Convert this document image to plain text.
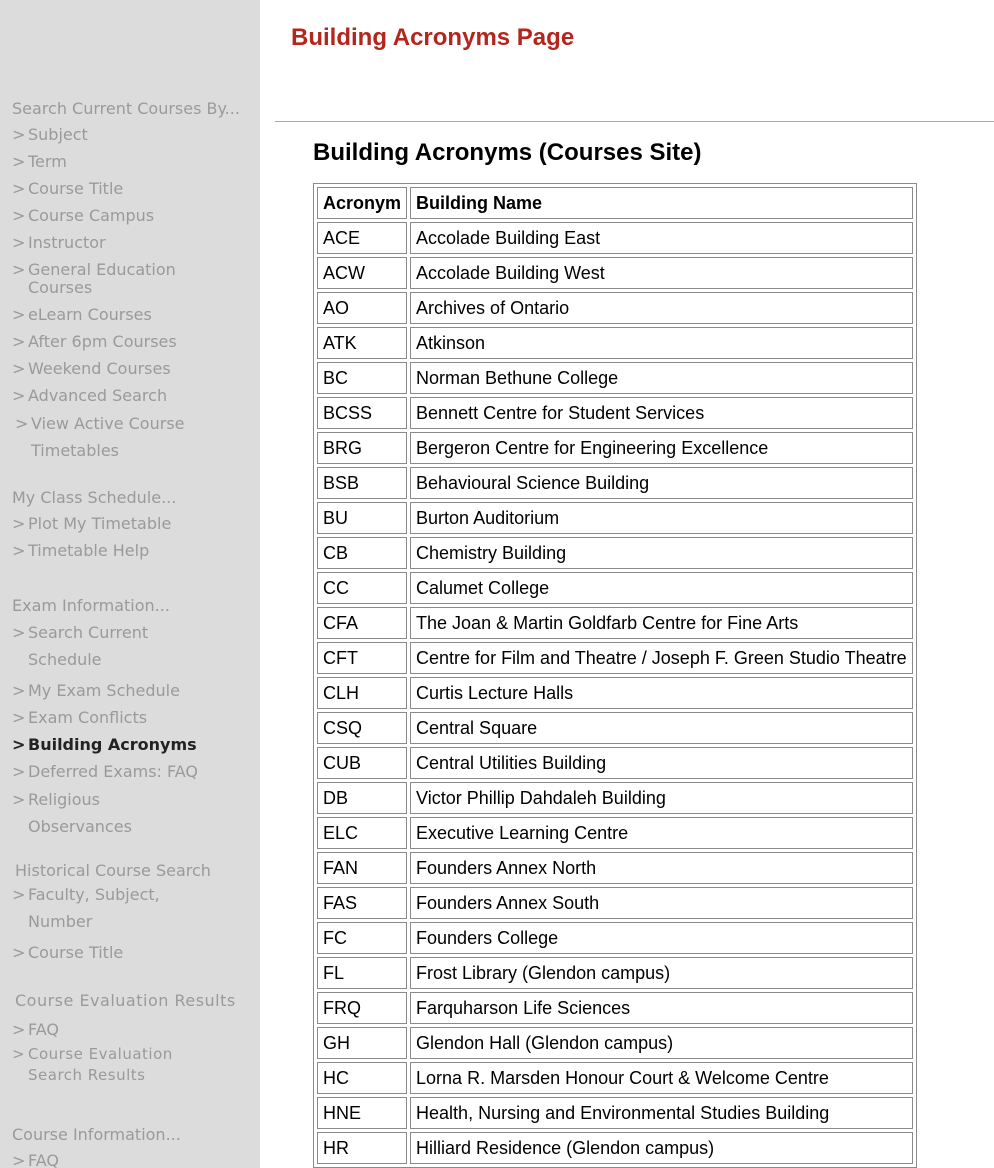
Search Current Courses By...
> Subject
> Term
> Course Title
> Course Campus
> Instructor
> General Education Courses
> eLearn Courses
> After 6pm Courses
> Weekend Courses
> Advanced Search
> View Active Course Timetables
My Class Schedule...
> Plot My Timetable
> Timetable Help
Exam Information...
> Search Current Schedule
> My Exam Schedule
> Exam Conflicts
> Building Acronyms
> Deferred Exams: FAQ
> Religious Observances
Historical Course Search
> Faculty, Subject, Number
> Course Title
Course Evaluation Results
> FAQ
> Course Evaluation Search Results
Course Information...
> FAQ
Building Acronyms Page
Building Acronyms (Courses Site)
Acronym	Building Name
ACE	Accolade Building East
ACW	Accolade Building West
AO	Archives of Ontario
ATK	Atkinson
BC	Norman Bethune College
BCSS	Bennett Centre for Student Services
BRG	Bergeron Centre for Engineering Excellence
BSB	Behavioural Science Building
BU	Burton Auditorium
CB	Chemistry Building
CC	Calumet College
CFA	The Joan & Martin Goldfarb Centre for Fine Arts
CFT	Centre for Film and Theatre / Joseph F. Green Studio Theatre
CLH	Curtis Lecture Halls
CSQ	Central Square
CUB	Central Utilities Building
DB	Victor Phillip Dahdaleh Building
ELC	Executive Learning Centre
FAN	Founders Annex North
FAS	Founders Annex South
FC	Founders College
FL	Frost Library (Glendon campus)
FRQ	Farquharson Life Sciences
GH	Glendon Hall (Glendon campus)
HC	Lorna R. Marsden Honour Court & Welcome Centre
HNE	Health, Nursing and Environmental Studies Building
HR	Hilliard Residence (Glendon campus)
